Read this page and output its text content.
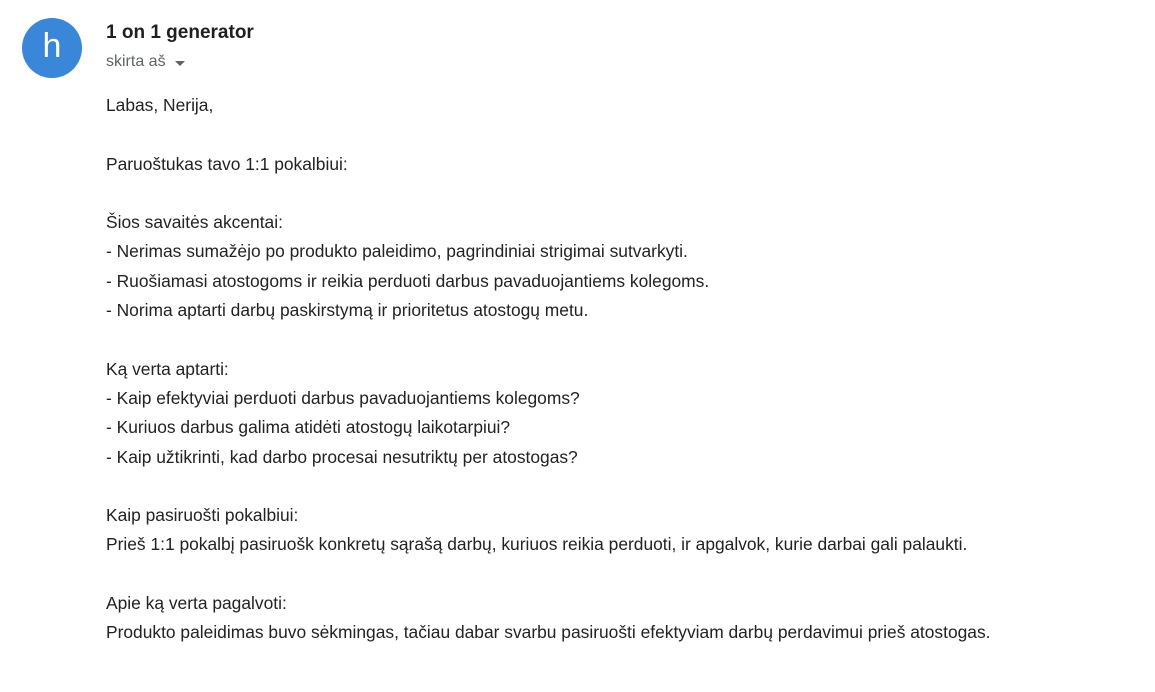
h 1 on 1 generator
skirta aš
Labas, Nerija,
Paruoštukas tavo 1:1 pokalbiui:
Šios savaitės akcentai:
- Nerimas sumažėjo po produkto paleidimo, pagrindiniai strigimai sutvarkyti.
- Ruošiamasi atostogoms ir reikia perduoti darbus pavaduojantiems kolegoms.
- Norima aptarti darbų paskirstymą ir prioritetus atostogų metu.
Ką verta aptarti:
- Kaip efektyviai perduoti darbus pavaduojantiems kolegoms?
- Kuriuos darbus galima atidėti atostogų laikotarpiui?
- Kaip užtikrinti, kad darbo procesai nesutriktų per atostogas?
Kaip pasiruošti pokalbiui:
Prieš 1:1 pokalbį pasiruošk konkretų sąrašą darbų, kuriuos reikia perduoti, ir apgalvok, kurie darbai gali palaukti.
Apie ką verta pagalvoti:
Produkto paleidimas buvo sėkmingas, tačiau dabar svarbu pasiruošti efektyviam darbų perdavimui prieš atostogas.
